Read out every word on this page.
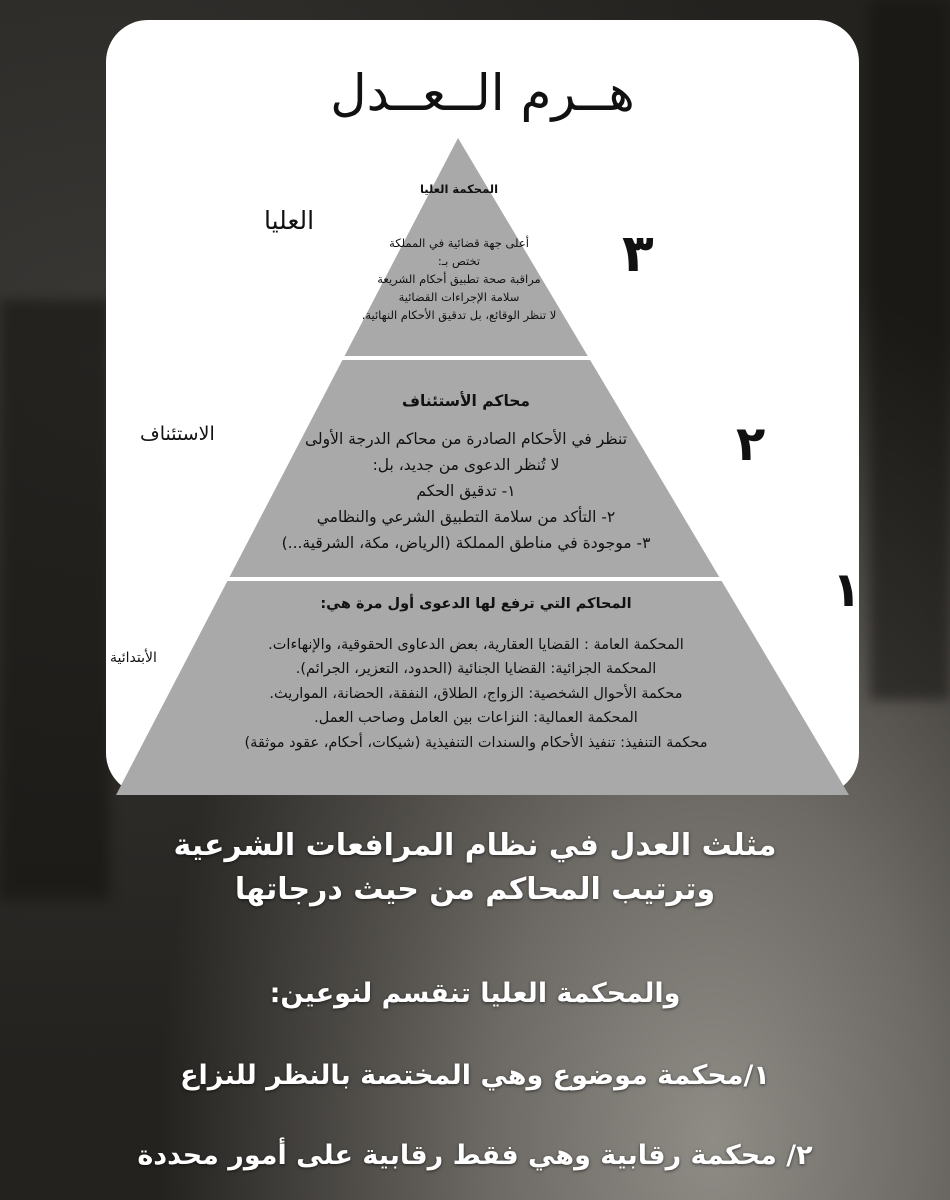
هــرم الــعــدل
المحكمة العليا
أعلى جهة قضائية في المملكة
تختص بـ:
مراقبة صحة تطبيق أحكام الشريعة
سلامة الإجراءات القضائية
لا تنظر الوقائع، بل تدقيق الأحكام النهائية.
محاكم الأستئناف
تنظر في الأحكام الصادرة من محاكم الدرجة الأولى
لا تُنظر الدعوى من جديد، بل:
١- تدقيق الحكم
٢- التأكد من سلامة التطبيق الشرعي والنظامي
٣- موجودة في مناطق المملكة (الرياض، مكة، الشرقية...)
المحاكم التي ترفع لها الدعوى أول مرة هي:
المحكمة العامة : القضايا العقارية، بعض الدعاوى الحقوقية، والإنهاءات.
المحكمة الجزائية: القضايا الجنائية (الحدود، التعزير، الجرائم).
محكمة الأحوال الشخصية: الزواج، الطلاق، النفقة، الحضانة، المواريث.
المحكمة العمالية: النزاعات بين العامل وصاحب العمل.
محكمة التنفيذ: تنفيذ الأحكام والسندات التنفيذية (شيكات، أحكام، عقود موثقة)
العليا
الاستئناف
الأبتدائية
٣
٢
١
مثلث العدل في نظام المرافعات الشرعية
وترتيب المحاكم من حيث درجاتها
والمحكمة العليا تنقسم لنوعين:
١/محكمة موضوع وهي المختصة بالنظر للنزاع
٢/ محكمة رقابية وهي فقط رقابية على أمور محددة
